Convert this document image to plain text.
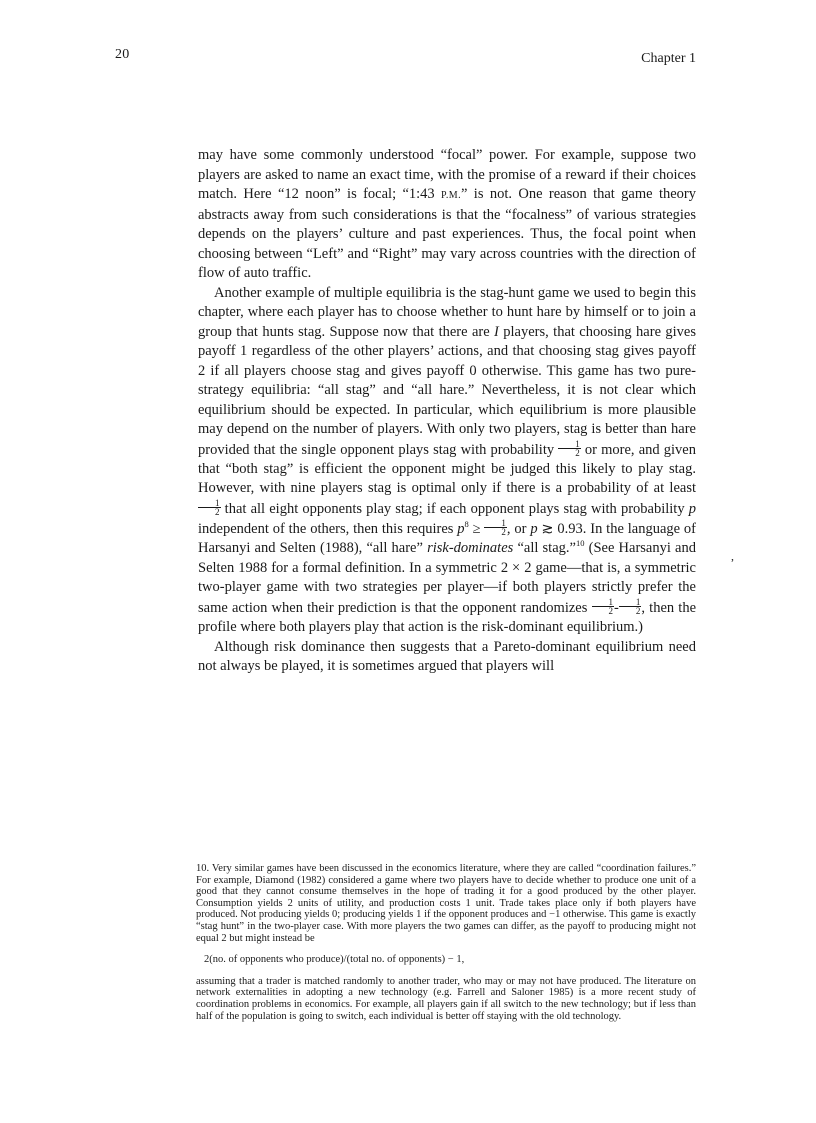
20	Chapter 1

may have some commonly understood “focal” power. For example, suppose two players are asked to name an exact time, with the promise of a reward if their choices match. Here “12 noon” is focal; “1:43 P.M.” is not. One reason that game theory abstracts away from such considerations is that the “focalness” of various strategies depends on the players’ culture and past experiences. Thus, the focal point when choosing between “Left” and “Right” may vary across countries with the direction of flow of auto traffic.

Another example of multiple equilibria is the stag-hunt game we used to begin this chapter, where each player has to choose whether to hunt hare by himself or to join a group that hunts stag. Suppose now that there are I players, that choosing hare gives payoff 1 regardless of the other players’ actions, and that choosing stag gives payoff 2 if all players choose stag and gives payoff 0 otherwise. This game has two pure-strategy equilibria: “all stag” and “all hare.” Nevertheless, it is not clear which equilibrium should be expected. In particular, which equilibrium is more plausible may depend on the number of players. With only two players, stag is better than hare provided that the single opponent plays stag with probability $\frac{1}{2}$ or more, and given that “both stag” is efficient the opponent might be judged this likely to play stag. However, with nine players stag is optimal only if there is a probability of at least
$\frac{1}{2}$ that all eight opponents play stag; if each opponent plays stag with probability p independent of the others, then this requires $p^8 \ge \frac{1}{2}$ , or p ≳ 0.93. In the language of Harsanyi and Selten (1988), “all hare” risk-dominates “all stag.”$^{10}$ (See Harsanyi and Selten 1988 for a formal definition. In a symmetric 2 × 2 game—that is, a symmetric two-player game with two strategies per player—if both players strictly prefer the same action when their prediction is that the opponent randomizes $\frac{1}{2} - \frac{1}{2}$ , then the profile where both players play that action is the risk-dominant equilibrium.)

Although risk dominance then suggests that a Pareto-dominant equilibrium need not always be played, it is sometimes argued that players will

10. Very similar games have been discussed in the economics literature, where they are called “coordination failures.” For example, Diamond (1982) considered a game where two players have to decide whether to produce one unit of a good that they cannot consume themselves in the hope of trading it for a good produced by the other player. Consumption yields 2 units of utility, and production costs 1 unit. Trade takes place only if both players have produced. Not producing yields 0; producing yields 1 if the opponent produces and −1 otherwise. This game is exactly “stag hunt” in the two-player case. With more players the two games can differ, as the payoff to producing might not equal 2 but might instead be

2(no. of opponents who produce)/(total no. of opponents) − 1,

assuming that a trader is matched randomly to another trader, who may or may not have produced. The literature on network externalities in adopting a new technology (e.g. Farrell and Saloner 1985) is a more recent study of coordination problems in economics. For example, all players gain if all switch to the new technology; but if less than half of the population is going to switch, each individual is better off staying with the old technology.

,
